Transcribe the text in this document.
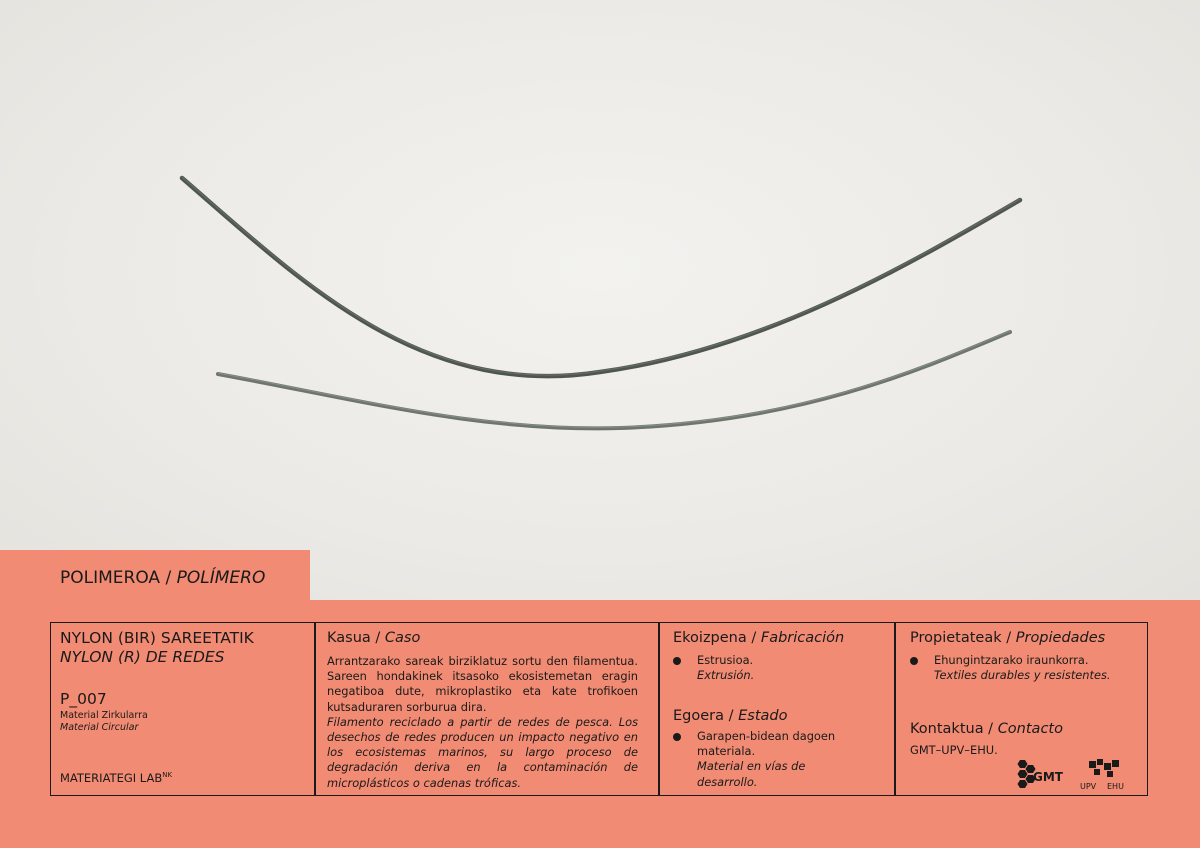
POLIMEROA / POLÍMERO
NYLON (BIR) SAREETATIK
NYLON (R) DE REDES
P_007
Material Zirkularra
Material Circular
MATERIATEGI $LAB^{NK}$
Kasua / Caso
Arrantzarako sareak birziklatuz sortu den filamentua. Sareen hondakinek itsasoko ekosistemetan eragin negatiboa dute, mikroplastiko eta kate trofikoen kutsaduraren sorburua dira.
Filamento reciclado a partir de redes de pesca. Los desechos de redes producen un impacto negativo en los ecosistemas marinos, su largo proceso de degradación deriva en la contaminación de microplásticos o cadenas tróficas.
Ekoizpena / Fabricación
Estrusioa.
Extrusión.
Egoera / Estado
Garapen-bidean dagoen materiala.
Material en vías de desarrollo.
Propietateak / Propiedades
Ehungintzarako iraunkorra.
Textiles durables y resistentes.
Kontaktua / Contacto
GMT–UPV–EHU.
GMT
UPV EHU
